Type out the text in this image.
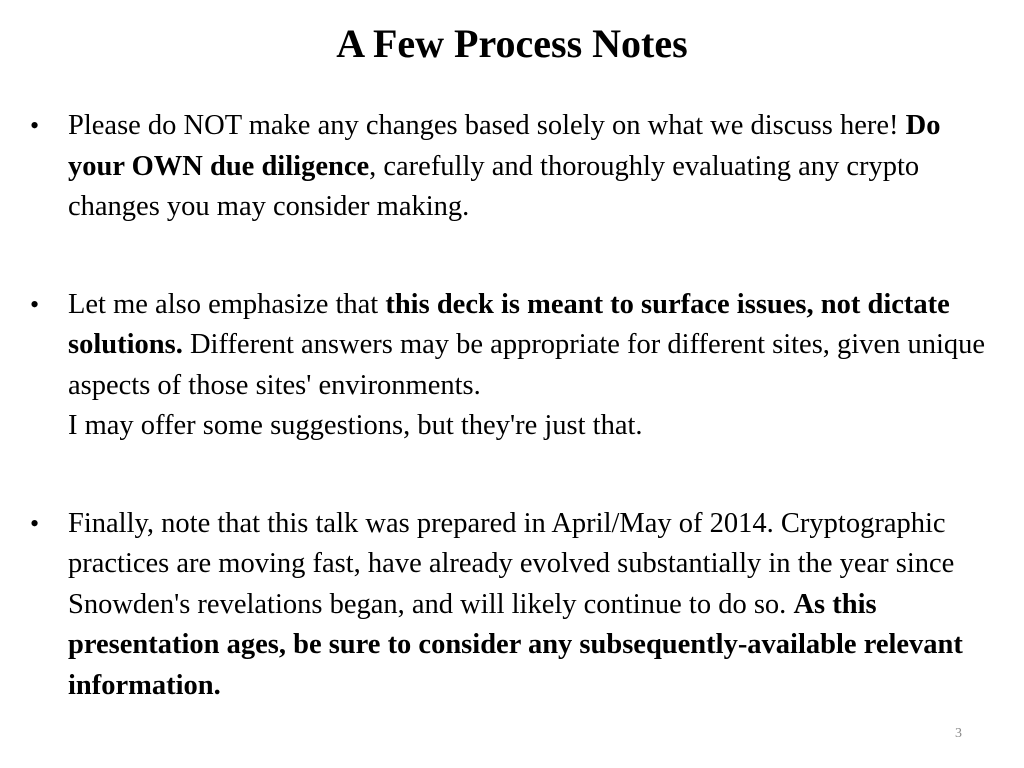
A Few Process Notes
• Please do NOT make any changes based solely on what we discuss here! Do your OWN due diligence, carefully and thoroughly evaluating any crypto changes you may consider making.
• Let me also emphasize that this deck is meant to surface issues, not dictate solutions. Different answers may be appropriate for different sites, given unique aspects of those sites' environments.
I may offer some suggestions, but they're just that.
• Finally, note that this talk was prepared in April/May of 2014. Cryptographic practices are moving fast, have already evolved substantially in the year since Snowden's revelations began, and will likely continue to do so. As this presentation ages, be sure to consider any subsequently-available relevant information.
3
